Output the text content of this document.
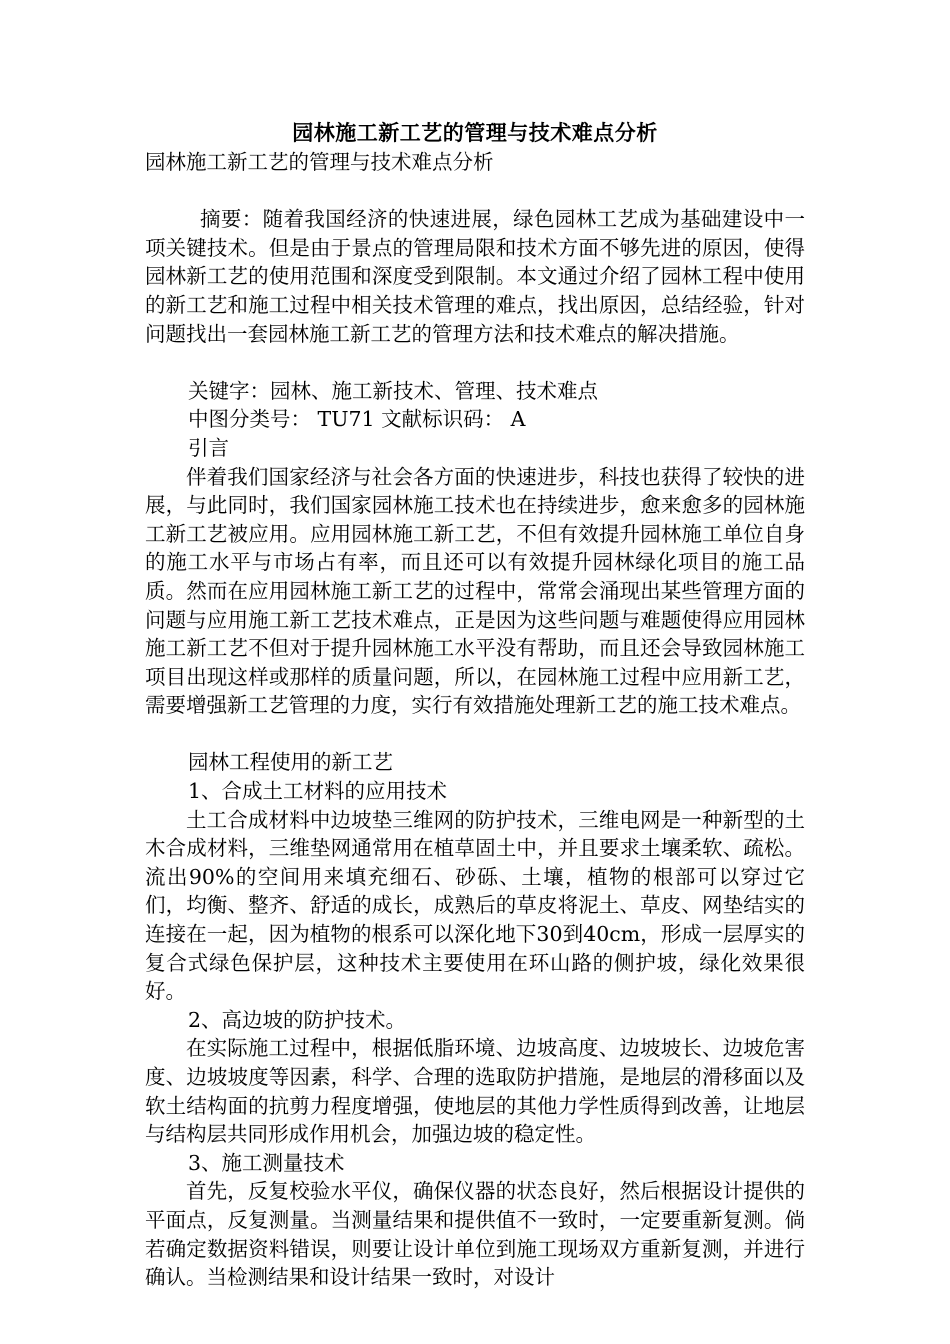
园林施工新工艺的管理与技术难点分析

园林施工新工艺的管理与技术难点分析

摘要：随着我国经济的快速进展，绿色园林工艺成为基础建设中一项关键技术。但是由于景点的管理局限和技术方面不够先进的原因，使得园林新工艺的使用范围和深度受到限制。本文通过介绍了园林工程中使用的新工艺和施工过程中相关技术管理的难点，找出原因，总结经验，针对问题找出一套园林施工新工艺的管理方法和技术难点的解决措施。

关键字：园林、施工新技术、管理、技术难点

中图分类号： TU71 文献标识码： A

引言

伴着我们国家经济与社会各方面的快速进步，科技也获得了较快的进展，与此同时，我们国家园林施工技术也在持续进步，愈来愈多的园林施工新工艺被应用。应用园林施工新工艺，不但有效提升园林施工单位自身的施工水平与市场占有率，而且还可以有效提升园林绿化项目的施工品质。然而在应用园林施工新工艺的过程中，常常会涌现出某些管理方面的问题与应用施工新工艺技术难点，正是因为这些问题与难题使得应用园林施工新工艺不但对于提升园林施工水平没有帮助，而且还会导致园林施工项目出现这样或那样的质量问题，所以，在园林施工过程中应用新工艺，需要增强新工艺管理的力度，实行有效措施处理新工艺的施工技术难点。

园林工程使用的新工艺

1、合成土工材料的应用技术

土工合成材料中边坡垫三维网的防护技术，三维电网是一种新型的土木合成材料，三维垫网通常用在植草固土中，并且要求土壤柔软、疏松。流出90%的空间用来填充细石、砂砾、土壤，植物的根部可以穿过它们，均衡、整齐、舒适的成长，成熟后的草皮将泥土、草皮、网垫结实的连接在一起，因为植物的根系可以深化地下30到40cm，形成一层厚实的复合式绿色保护层，这种技术主要使用在环山路的侧护坡，绿化效果很好。

2、高边坡的防护技术。

在实际施工过程中，根据低脂环境、边坡高度、边坡坡长、边坡危害度、边坡坡度等因素，科学、合理的选取防护措施，是地层的滑移面以及软土结构面的抗剪力程度增强，使地层的其他力学性质得到改善，让地层与结构层共同形成作用机会，加强边坡的稳定性。

3、施工测量技术

首先，反复校验水平仪，确保仪器的状态良好，然后根据设计提供的平面点，反复测量。当测量结果和提供值不一致时，一定要重新复测。倘若确定数据资料错误，则要让设计单位到施工现场双方重新复测，并进行确认。当检测结果和设计结果一致时，对设计
